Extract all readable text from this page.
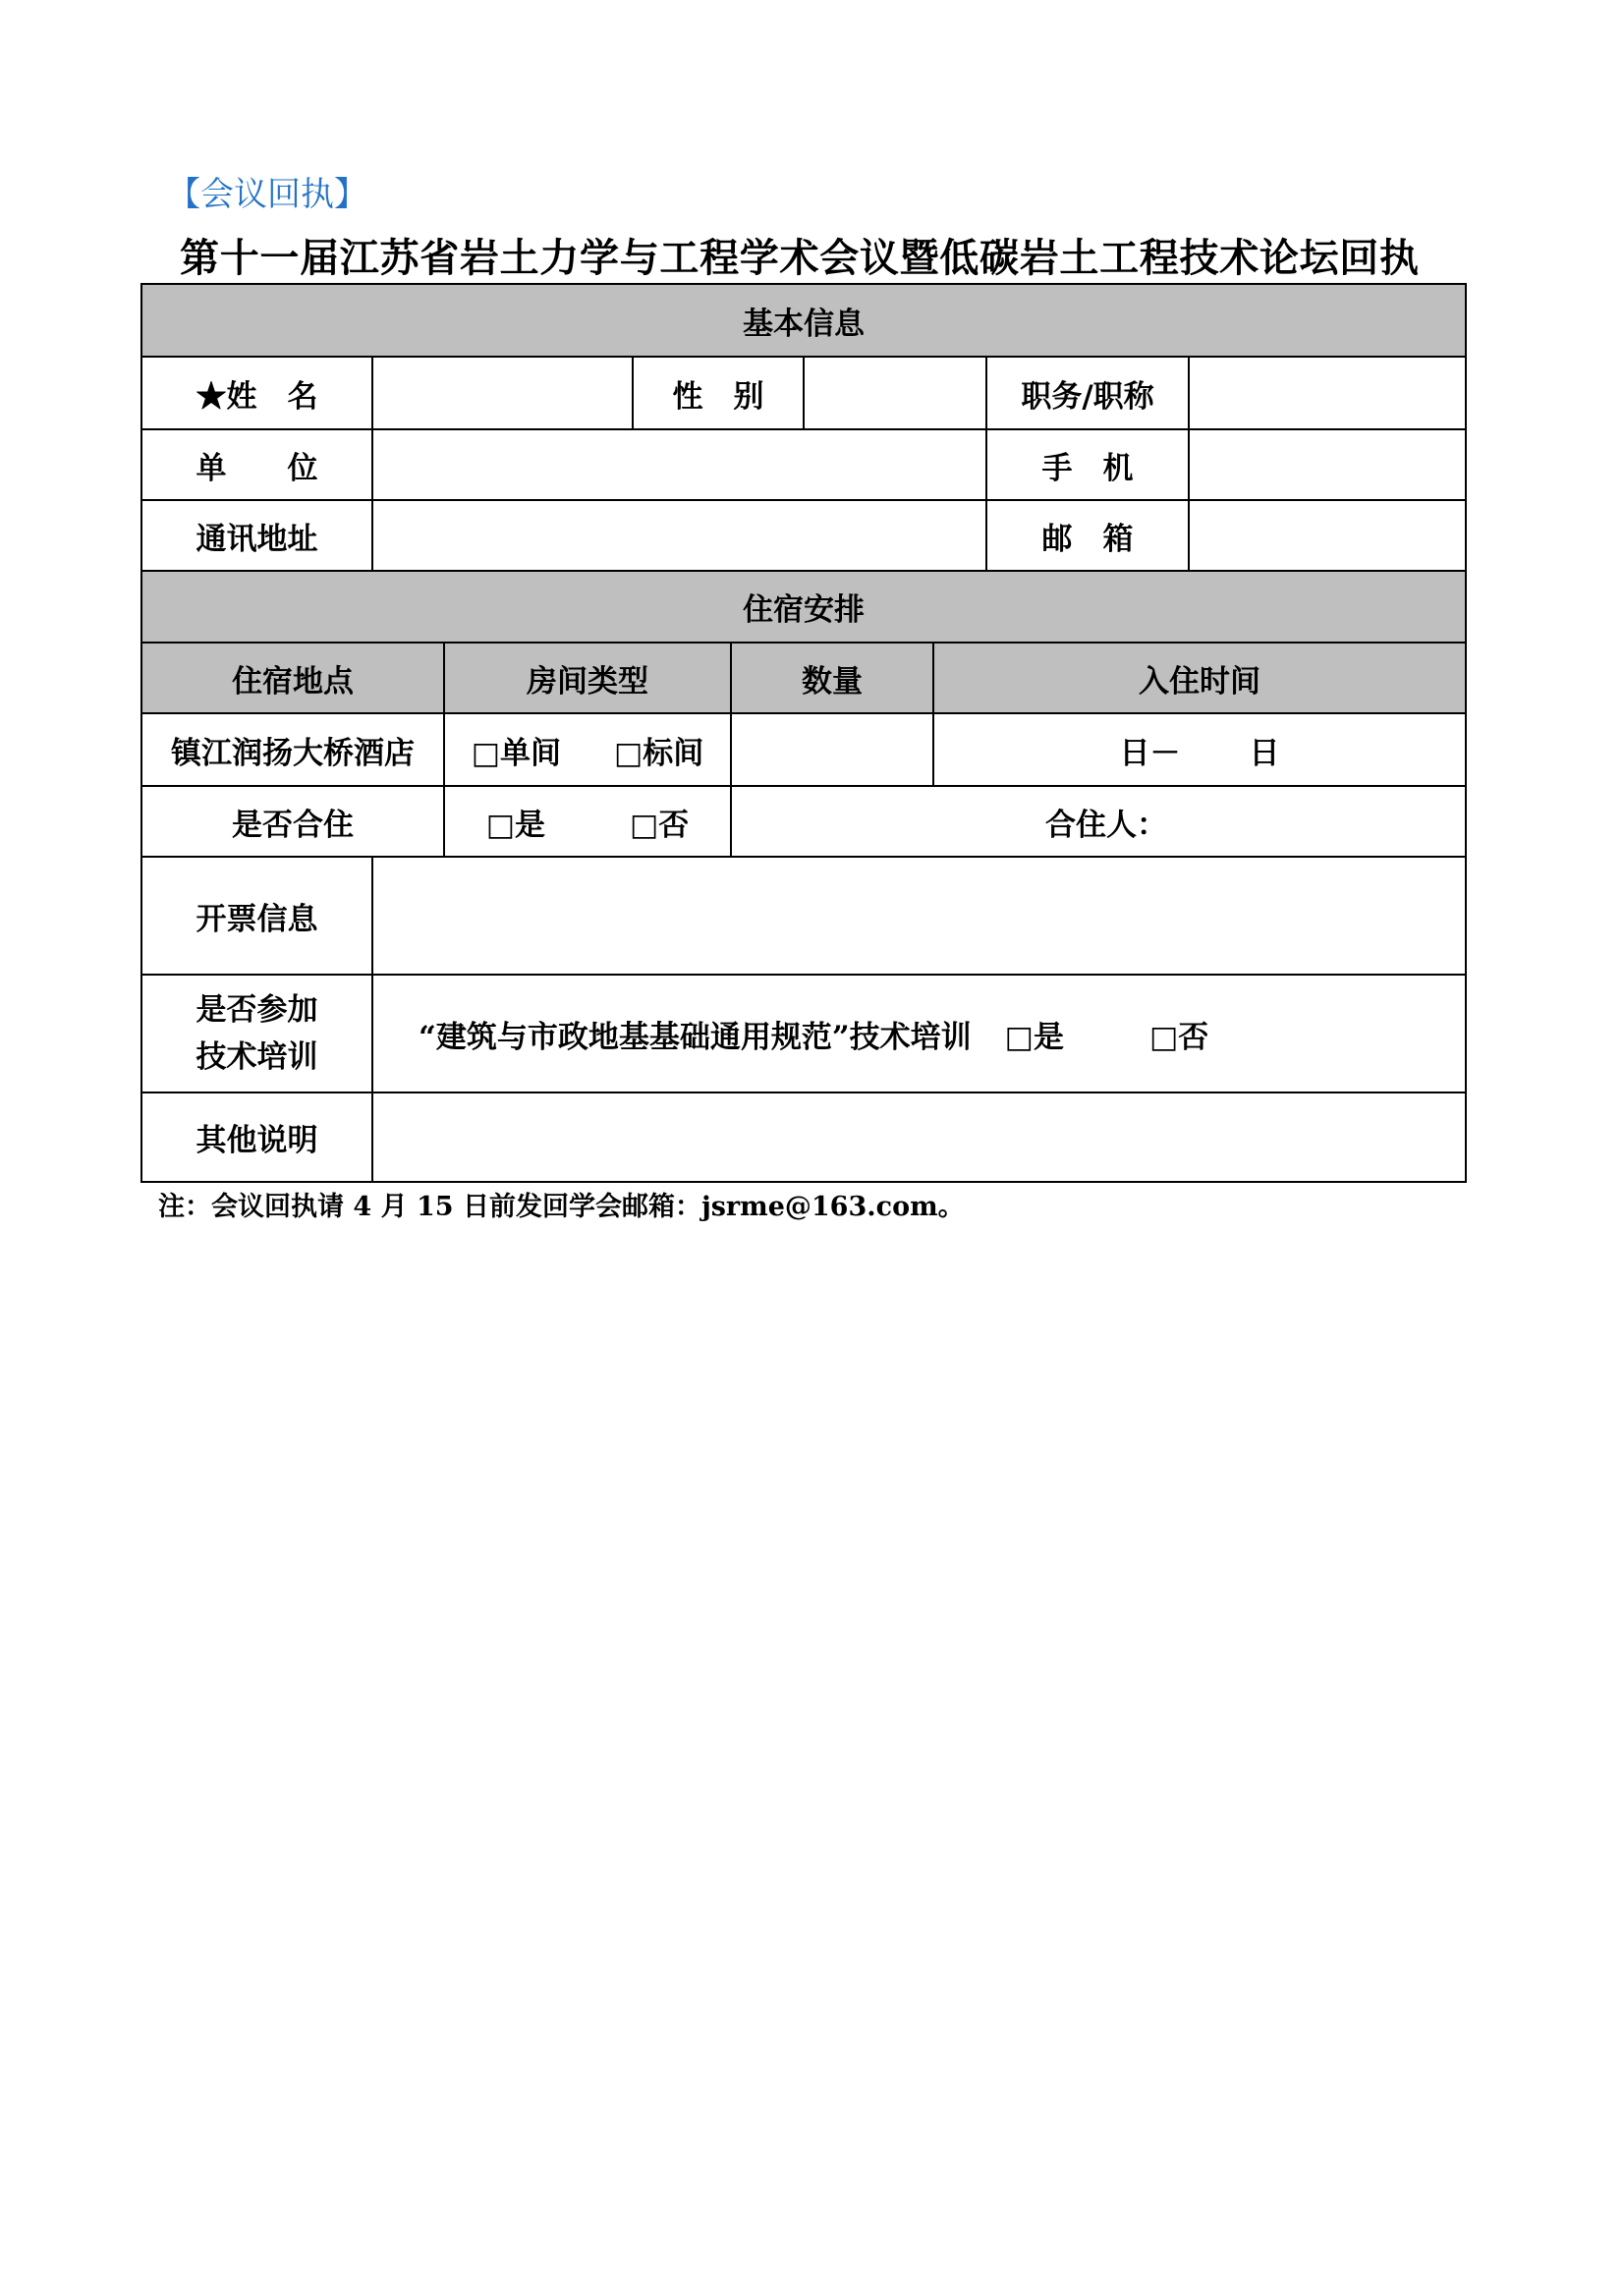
【会议回执】
第十一届江苏省岩土力学与工程学术会议暨低碳岩土工程技术论坛回执
基本信息								
★姓　名			性　别				职务/职称	
单　　位							手　机	
通讯地址							邮　箱	
住宿安排								
住宿地点		房间类型		数量		入住时间		
镇江润扬大桥酒店		□单间 □标间				日－ 日		

是否合住		□是 □否		合住人：				
开票信息								

是否参加
技术培训	“建筑与市政地基基础通用规范”技术培训 □是 □否							

其他说明								
注：会议回执请 4 月 15 日前发回学会邮箱：jsrme@163.com。
